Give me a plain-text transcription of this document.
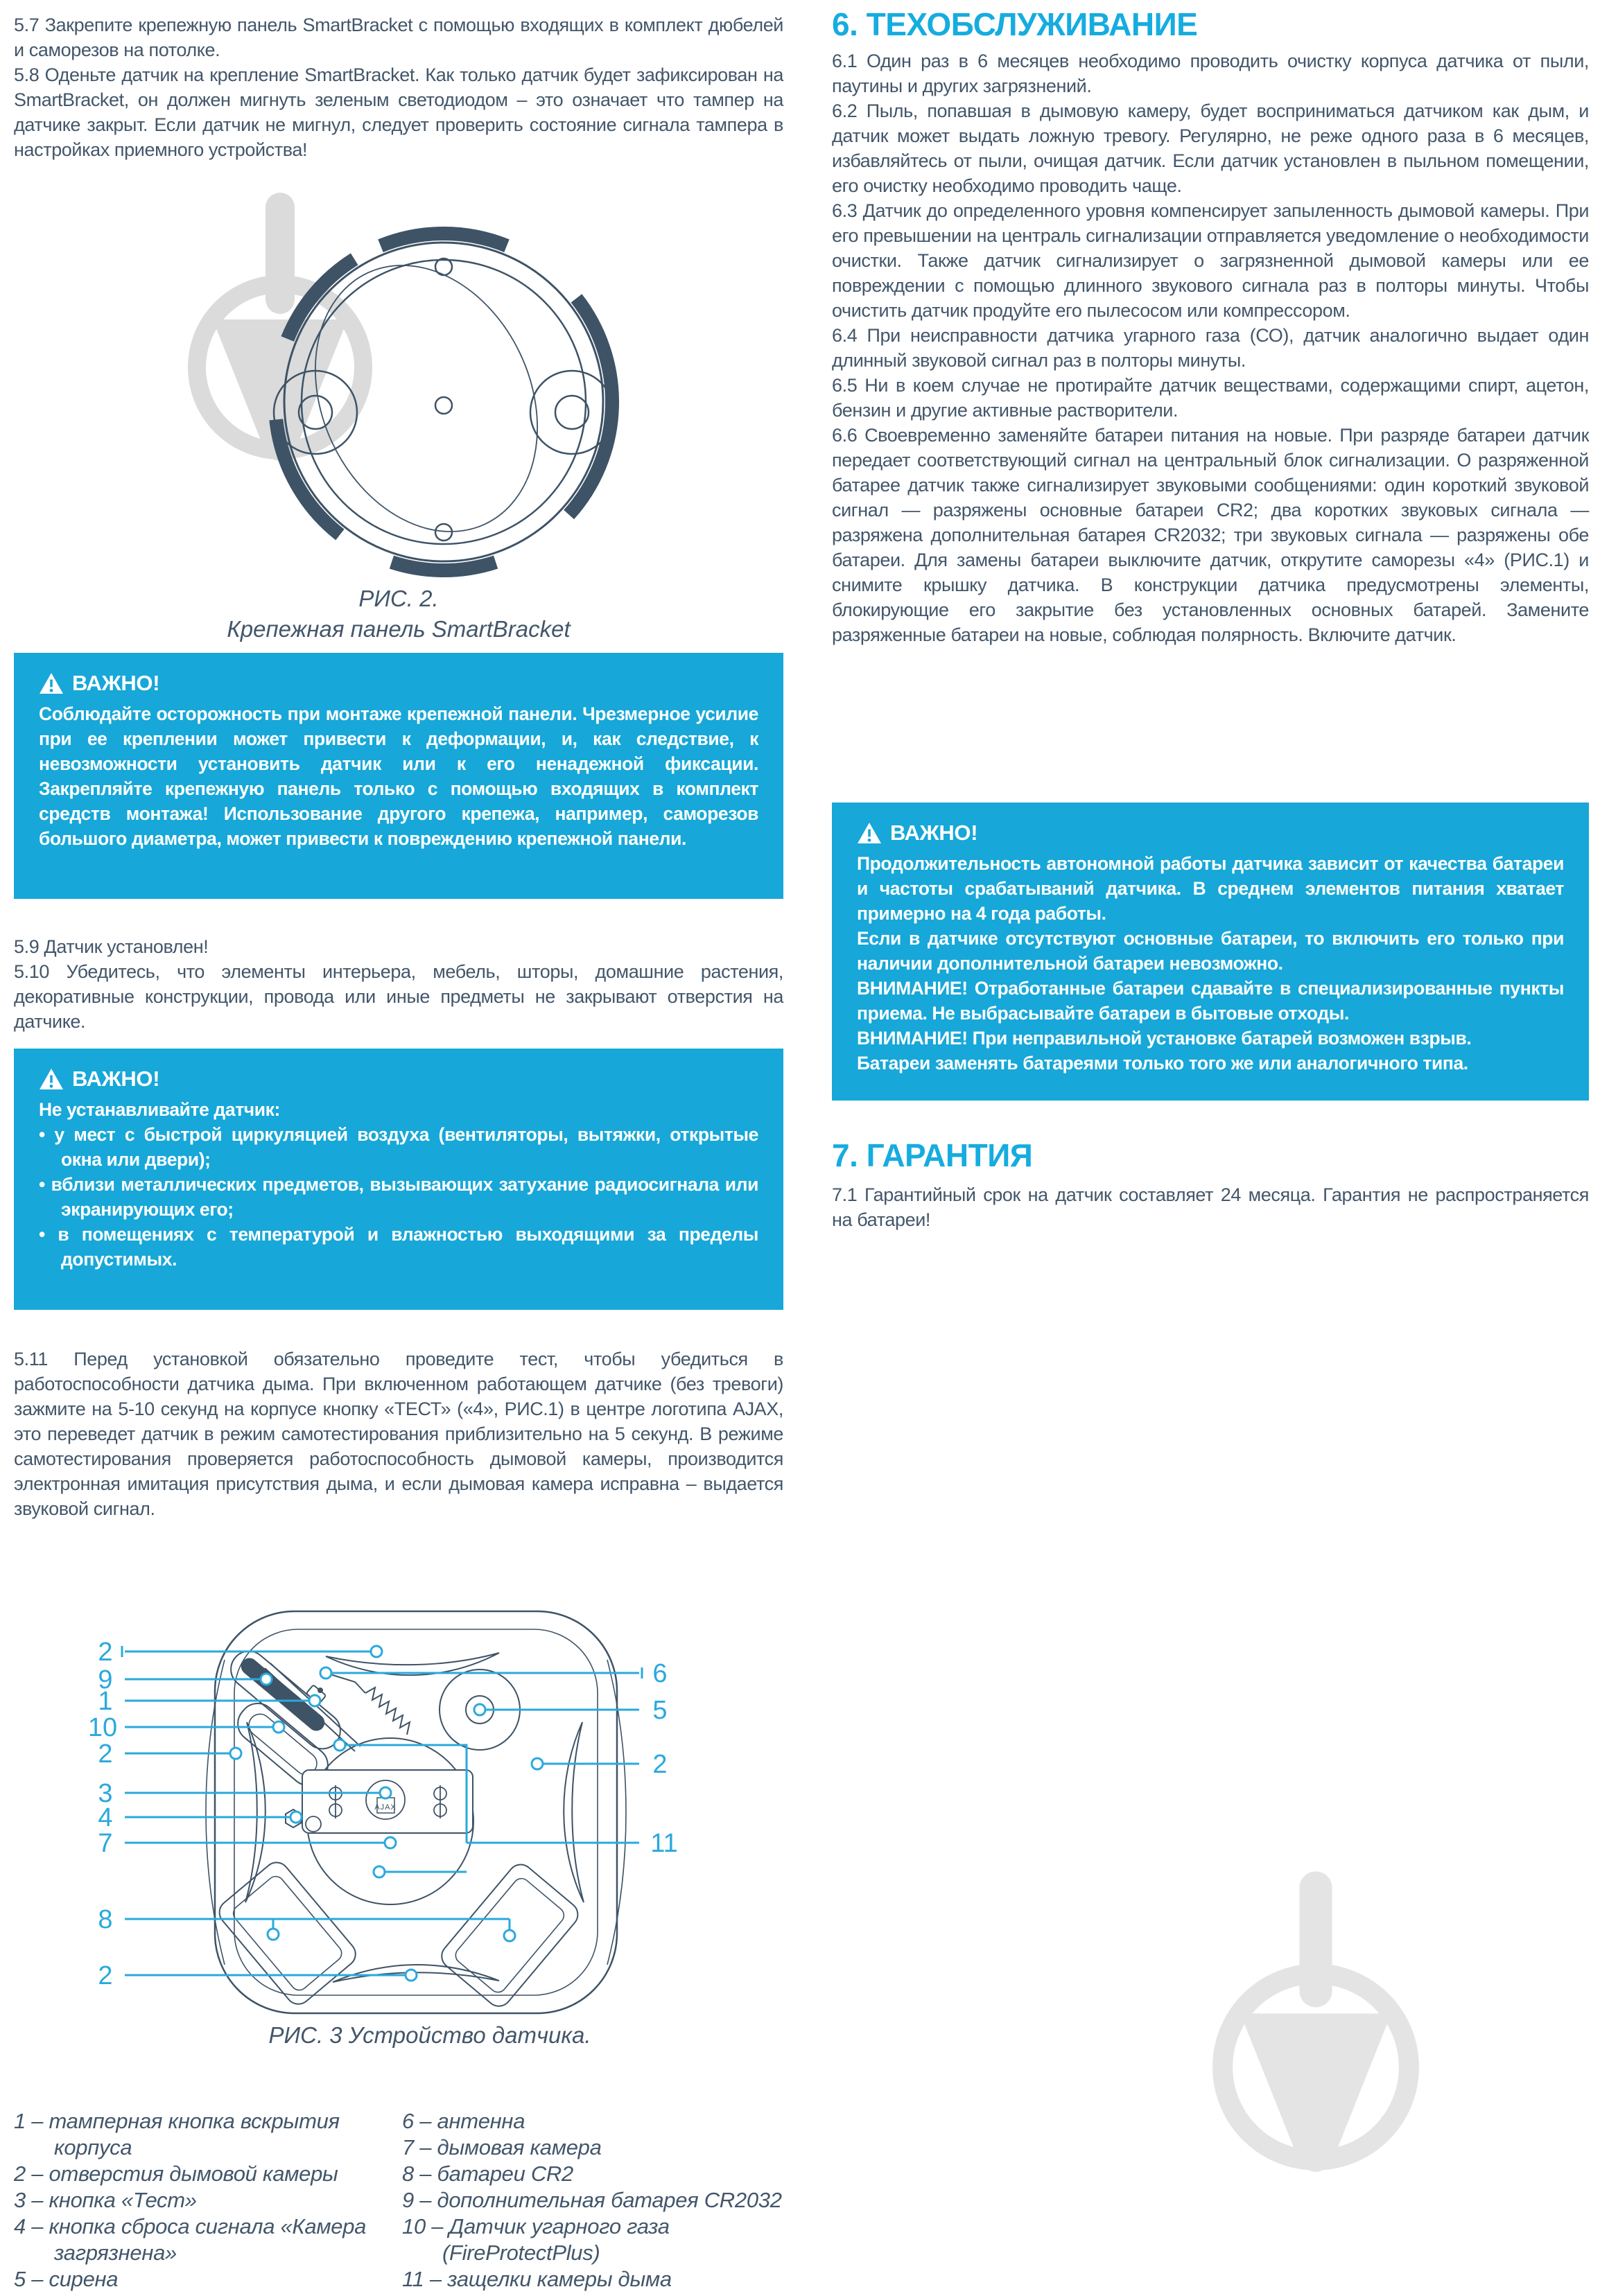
5.7 Закрепите крепежную панель SmartBracket с помощью входящих в комплект дюбелей и саморезов на потолке.

5.8 Оденьте датчик на крепление SmartBracket. Как только датчик будет зафиксирован на SmartBracket, он должен мигнуть зеленым светодиодом – это означает что тампер на датчике закрыт. Если датчик не мигнул, следует проверить состояние сигнала тампера в настройках приемного устройства!

РИС. 2.
Крепежная панель SmartBracket
ВАЖНО!

Соблюдайте осторожность при монтаже крепежной панели. Чрезмерное усилие при ее креплении может привести к деформации, и, как следствие, к невозможности установить датчик или к его ненадежной фиксации. Закрепляйте крепежную панель только с помощью входящих в комплект средств монтажа! Использование другого крепежа, например, саморезов большого диаметра, может привести к повреждению крепежной панели.

5.9 Датчик установлен!

5.10 Убедитесь, что элементы интерьера, мебель, шторы, домашние растения, декоративные конструкции, провода или иные предметы не закрывают отверстия на датчике.

ВАЖНО!

Не устанавливайте датчик:

• у мест с быстрой циркуляцией воздуха (вентиляторы, вытяжки, открытые окна или двери);
• вблизи металлических предметов, вызывающих затухание радиосигнала или экранирующих его;
• в помещениях с температурой и влажностью выходящими за пределы допустимых.

5.11 Перед установкой обязательно проведите тест, чтобы убедиться в работоспособности датчика дыма. При включенном работающем датчике (без тревоги) зажмите на 5-10 секунд на корпусе кнопку «ТЕСТ» («4», РИС.1) в центре логотипа AJAX, это переведет датчик в режим самотестирования приблизительно на 5 секунд. В режиме самотестирования проверяется работоспособность дымовой камеры, производится электронная имитация присутствия дыма, и если дымовая камера исправна – выдается звуковой сигнал.

AJAX
2
9
1
10
2
3
4
7
8
2
6
5
2
11
РИС. 3 Устройство датчика.
1 – тамперная кнопка вскрытия
корпуса
2 – отверстия дымовой камеры
3 – кнопка «Тест»
4 – кнопка сброса сигнала «Камера
загрязнена»
5 – сирена
6 – антенна
7 – дымовая камера
8 – батареи CR2
9 – дополнительная батарея CR2032
10 – Датчик угарного газа
(FireProtectPlus)
11 – защелки камеры дыма
6. ТЕХОБСЛУЖИВАНИЕ

6.1 Один раз в 6 месяцев необходимо проводить очистку корпуса датчика от пыли, паутины и других загрязнений.

6.2 Пыль, попавшая в дымовую камеру, будет восприниматься датчиком как дым, и датчик может выдать ложную тревогу. Регулярно, не реже одного раза в 6 месяцев, избавляйтесь от пыли, очищая датчик. Если датчик установлен в пыльном помещении, его очистку необходимо проводить чаще.

6.3 Датчик до определенного уровня компенсирует запыленность дымовой камеры. При его превышении на централь сигнализации отправляется уведомление о необходимости очистки. Также датчик сигнализирует о загрязненной дымовой камеры или ее повреждении с помощью длинного звукового сигнала раз в полторы минуты. Чтобы очистить датчик продуйте его пылесосом или компрессором.

6.4 При неисправности датчика угарного газа (СО), датчик аналогично выдает один длинный звуковой сигнал раз в полторы минуты.

6.5 Ни в коем случае не протирайте датчик веществами, содержащими спирт, ацетон, бензин и другие активные растворители.

6.6 Своевременно заменяйте батареи питания на новые. При разряде батареи датчик передает соответствующий сигнал на центральный блок сигнализации. О разряженной батарее датчик также сигнализирует звуковыми сообщениями: один короткий звуковой сигнал — разряжены основные батареи CR2; два коротких звуковых сигнала — разряжена дополнительная батарея CR2032; три звуковых сигнала — разряжены обе батареи. Для замены батареи выключите датчик, открутите саморезы «4» (РИС.1) и снимите крышку датчика. В конструкции датчика предусмотрены элементы, блокирующие его закрытие без установленных основных батарей. Замените разряженные батареи на новые, соблюдая полярность. Включите датчик.

ВАЖНО!

Продолжительность автономной работы датчика зависит от качества батареи и частоты срабатываний датчика. В среднем элементов питания хватает примерно на 4 года работы.

Если в датчике отсутствуют основные батареи, то включить его только при наличии дополнительной батареи невозможно.

ВНИМАНИЕ! Отработанные батареи сдавайте в специализированные пункты приема. Не выбрасывайте батареи в бытовые отходы.

ВНИМАНИЕ! При неправильной установке батарей возможен взрыв.

Батареи заменять батареями только того же или аналогичного типа.

7. ГАРАНТИЯ

7.1 Гарантийный срок на датчик составляет 24 месяца. Гарантия не распространяется на батареи!
